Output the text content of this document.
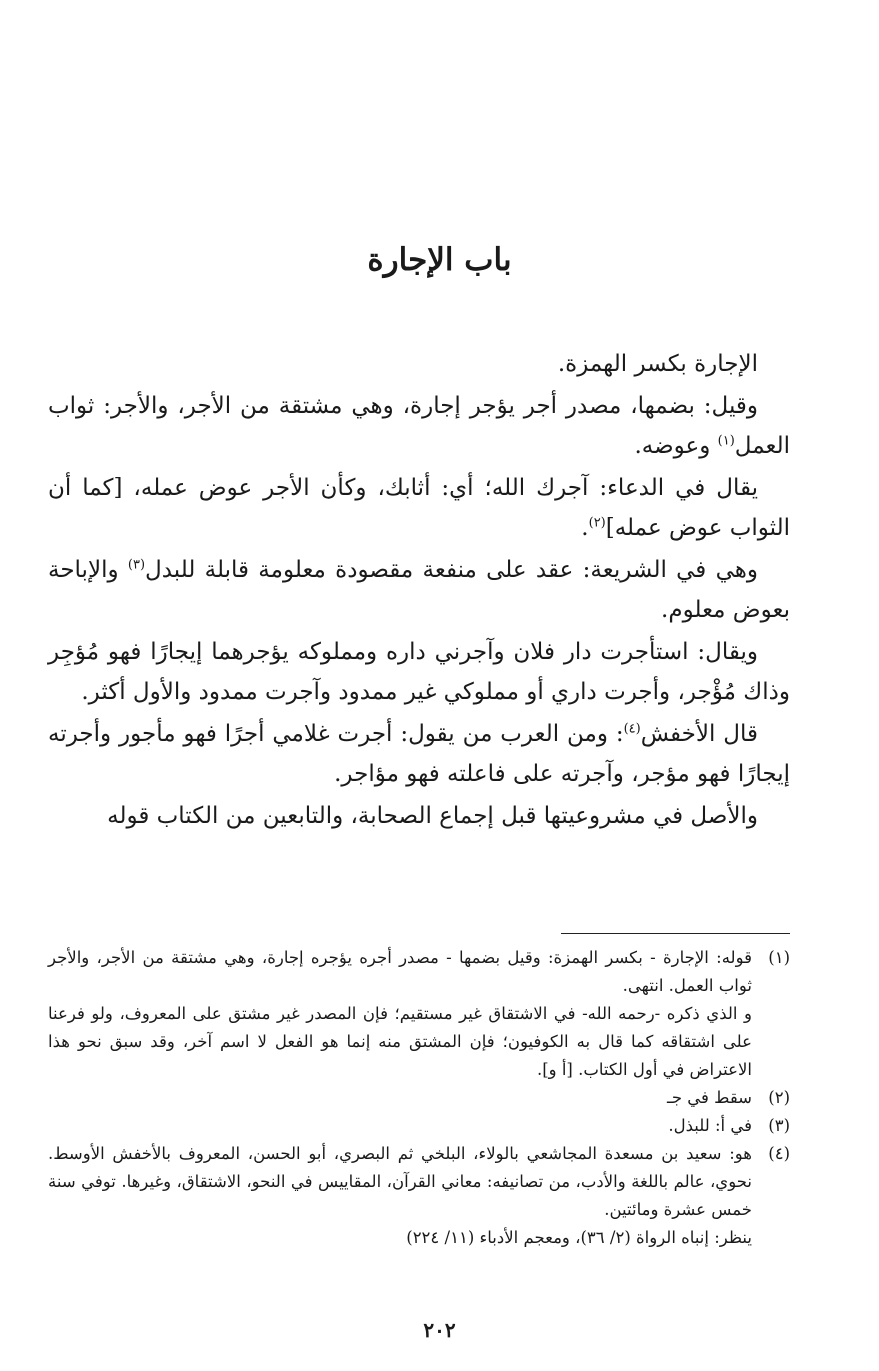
باب الإجارة

الإجارة بكسر الهمزة.

وقيل: بضمها، مصدر أجر يؤجر إجارة، وهي مشتقة من الأجر، والأجر: ثواب العمل$^{(١)}$ وعوضه.

يقال في الدعاء: آجرك الله؛ أي: أثابك، وكأن الأجر عوض عمله، [كما أن الثواب عوض عمله]$^{(٢)}$.

وهي في الشريعة: عقد على منفعة مقصودة معلومة قابلة للبدل$^{(٣)}$ والإباحة بعوض معلوم.

ويقال: استأجرت دار فلان وآجرني داره ومملوكه يؤجرهما إيجارًا فهو مُؤجِر وذاك مُؤْجر، وأجرت داري أو مملوكي غير ممدود وآجرت ممدود والأول أكثر.

قال الأخفش$^{(٤)}$: ومن العرب من يقول: أجرت غلامي أجرًا فهو مأجور وأجرته إيجارًا فهو مؤجر، وآجرته على فاعلته فهو مؤاجر.

والأصل في مشروعيتها قبل إجماع الصحابة، والتابعين من الكتاب قوله

(١)

قوله: الإجارة - بكسر الهمزة: وقيل بضمها - مصدر أجره يؤجره إجارة، وهي مشتقة من الأجر، والأجر ثواب العمل. انتهى.

و الذي ذكره -رحمه الله- في الاشتقاق غير مستقيم؛ فإن المصدر غير مشتق على المعروف، ولو فرعنا على اشتقاقه كما قال به الكوفيون؛ فإن المشتق منه إنما هو الفعل لا اسم آخر، وقد سبق نحو هذا الاعتراض في أول الكتاب. [أ و].

(٢)

سقط في جـ

(٣)

في أ: للبذل.

(٤)

هو: سعيد بن مسعدة المجاشعي بالولاء، البلخي ثم البصري، أبو الحسن، المعروف بالأخفش الأوسط. نحوي، عالم باللغة والأدب، من تصانيفه: معاني القرآن، المقاييس في النحو، الاشتقاق، وغيرها. توفي سنة خمس عشرة ومائتين.

ينظر: إنباه الرواة (٢/ ٣٦)، ومعجم الأدباء (١١/ ٢٢٤)

٢٠٢
